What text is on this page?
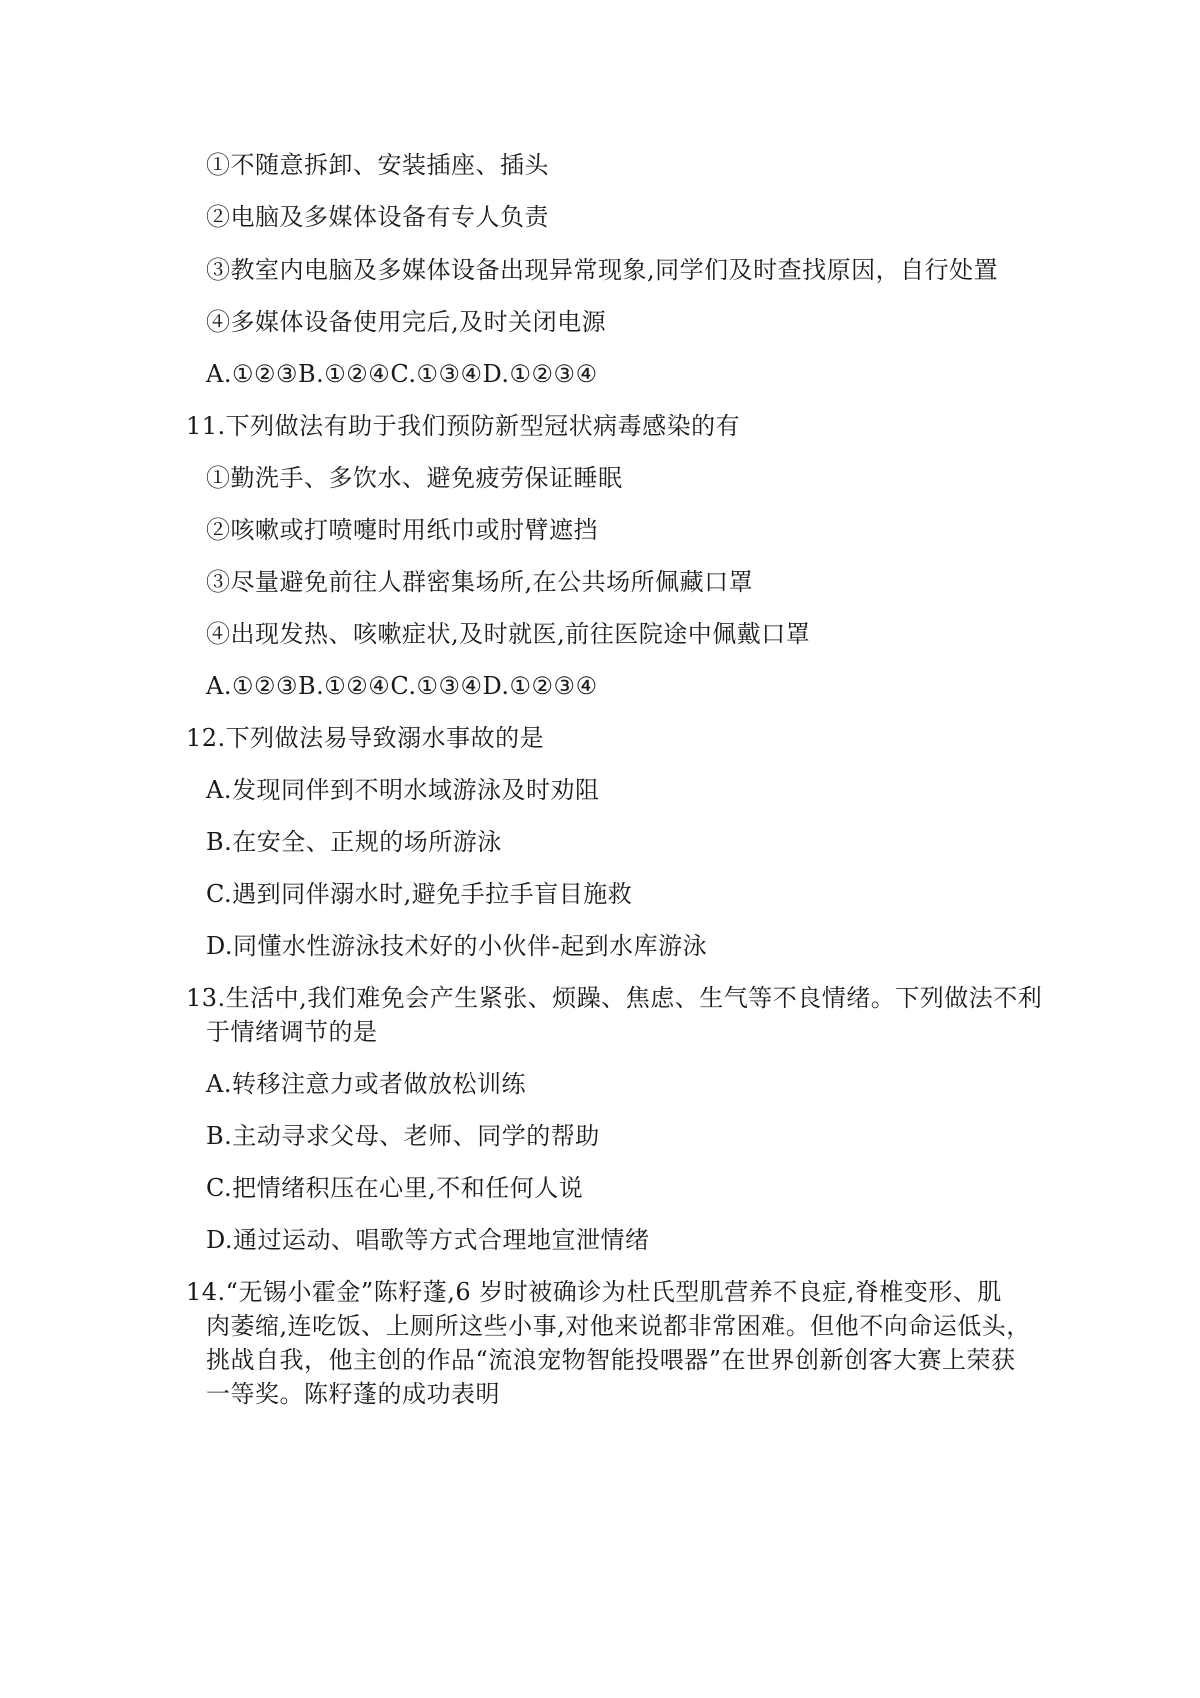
①不随意拆卸、安装插座、插头
②电脑及多媒体设备有专人负责
③教室内电脑及多媒体设备出现异常现象,同学们及时查找原因，自行处置
④多媒体设备使用完后,及时关闭电源
A.①②③B.①②④C.①③④D.①②③④
11.下列做法有助于我们预防新型冠状病毒感染的有
①勤洗手、多饮水、避免疲劳保证睡眠
②咳嗽或打喷嚏时用纸巾或肘臂遮挡
③尽量避免前往人群密集场所,在公共场所佩藏口罩
④出现发热、咳嗽症状,及时就医,前往医院途中佩戴口罩
A.①②③B.①②④C.①③④D.①②③④
12.下列做法易导致溺水事故的是
A.发现同伴到不明水域游泳及时劝阻
B.在安全、正规的场所游泳
C.遇到同伴溺水时,避免手拉手盲目施救
D.同懂水性游泳技术好的小伙伴-起到水库游泳
13.生活中,我们难免会产生紧张、烦躁、焦虑、生气等不良情绪。下列做法不利
于情绪调节的是
A.转移注意力或者做放松训练
B.主动寻求父母、老师、同学的帮助
C.把情绪积压在心里,不和任何人说
D.通过运动、唱歌等方式合理地宣泄情绪
14.“无锡小霍金”陈籽蓬,6 岁时被确诊为杜氏型肌营养不良症,脊椎变形、肌
肉萎缩,连吃饭、上厕所这些小事,对他来说都非常困难。但他不向命运低头，
挑战自我，他主创的作品“流浪宠物智能投喂器”在世界创新创客大赛上荣获
一等奖。陈籽蓬的成功表明
